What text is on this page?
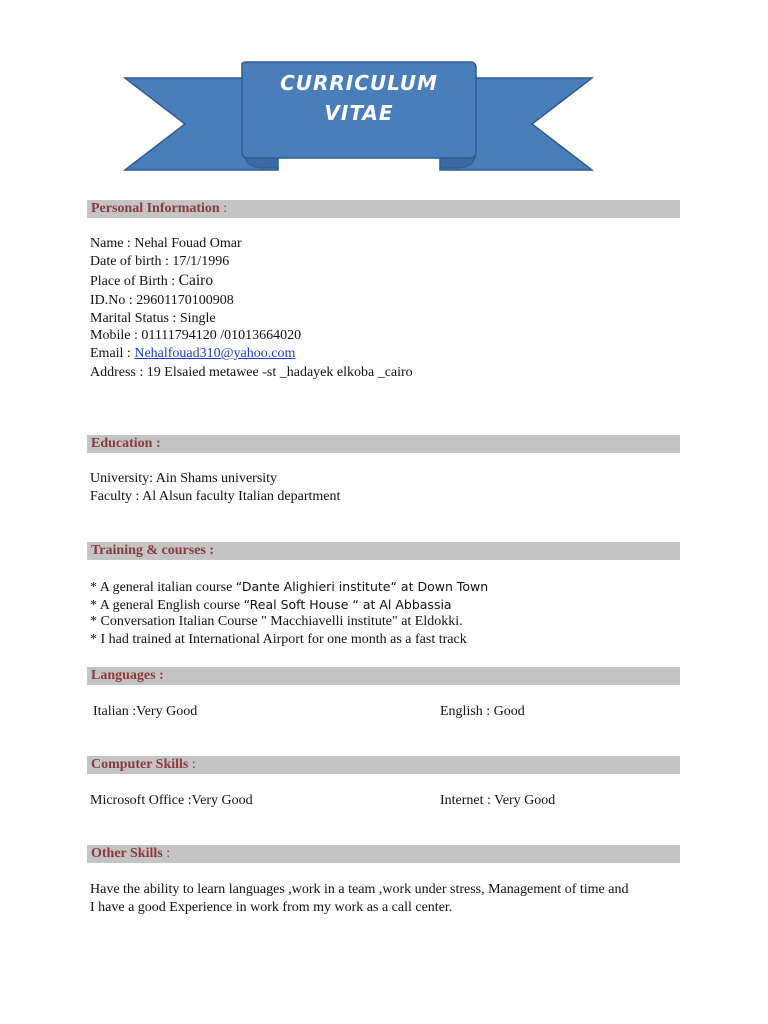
CURRICULUM
VITAE
Personal Information :
Name : Nehal Fouad Omar
Date of birth : 17/1/1996
Place of Birth : Cairo
ID.No : 29601170100908
Marital Status : Single
Mobile : 01111794120 /01013664020
Email : Nehalfouad310@yahoo.com
Address : 19 Elsaied metawee -st _hadayek elkoba _cairo
Education :
University: Ain Shams university
Faculty : Al Alsun faculty Italian department
Training & courses :
* A general italian course “Dante Alighieri institute“ at Down Town
* A general English course “Real Soft House “ at Al Abbassia
* Conversation Italian Course " Macchiavelli institute" at Eldokki.
* I had trained at International Airport for one month as a fast track
Languages :
Italian :Very Good	English : Good
Computer Skills :
Microsoft Office :Very Good	Internet : Very Good
Other Skills :
Have the ability to learn languages ,work in a team ,work under stress, Management of time and
I have a good Experience in work from my work as a call center.
